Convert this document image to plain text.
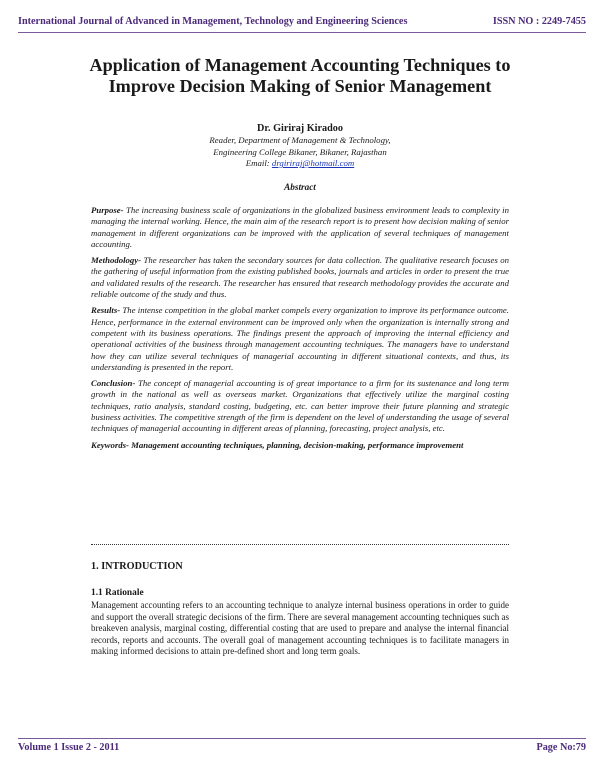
International Journal of Advanced in Management, Technology and Engineering Sciences	ISSN NO : 2249-7455
Application of Management Accounting Techniques to
Improve Decision Making of Senior Management
Dr. Giriraj Kiradoo
Reader, Department of Management & Technology,
Engineering College Bikaner, Bikaner, Rajasthan
Email: drgiriraj@hotmail.com
Abstract

Purpose- The increasing business scale of organizations in the globalized business environment leads to complexity in managing the internal working. Hence, the main aim of the research report is to present how decision making of senior management in different organizations can be improved with the application of several techniques of management accounting.

Methodology- The researcher has taken the secondary sources for data collection. The qualitative research focuses on the gathering of useful information from the existing published books, journals and articles in order to present the true and validated results of the research. The researcher has ensured that research methodology provides the accurate and reliable outcome of the study and thus.

Results- The intense competition in the global market compels every organization to improve its performance outcome. Hence, performance in the external environment can be improved only when the organization is internally strong and competent with its business operations. The findings present the approach of improving the internal efficiency and operational activities of the business through management accounting techniques. The managers have to understand how they can utilize several techniques of managerial accounting in different situational contexts, and thus, its understanding is presented in the report.

Conclusion- The concept of managerial accounting is of great importance to a firm for its sustenance and long term growth in the national as well as overseas market. Organizations that effectively utilize the marginal costing techniques, ratio analysis, standard costing, budgeting, etc. can better improve their future planning and strategic business activities. The competitive strength of the firm is dependent on the level of understanding the usage of several techniques of managerial accounting in different areas of planning, forecasting, project analysis, etc.

Keywords- Management accounting techniques, planning, decision-making, performance improvement

1. INTRODUCTION
1.1 Rationale
Management accounting refers to an accounting technique to analyze internal business operations in order to guide and support the overall strategic decisions of the firm. There are several management accounting techniques such as breakeven analysis, marginal costing, differential costing that are used to prepare and analyse the internal financial records, reports and accounts. The overall goal of management accounting techniques is to facilitate managers in making informed decisions to attain pre-defined short and long term goals.
Volume 1 Issue 2 - 2011	Page No:79
